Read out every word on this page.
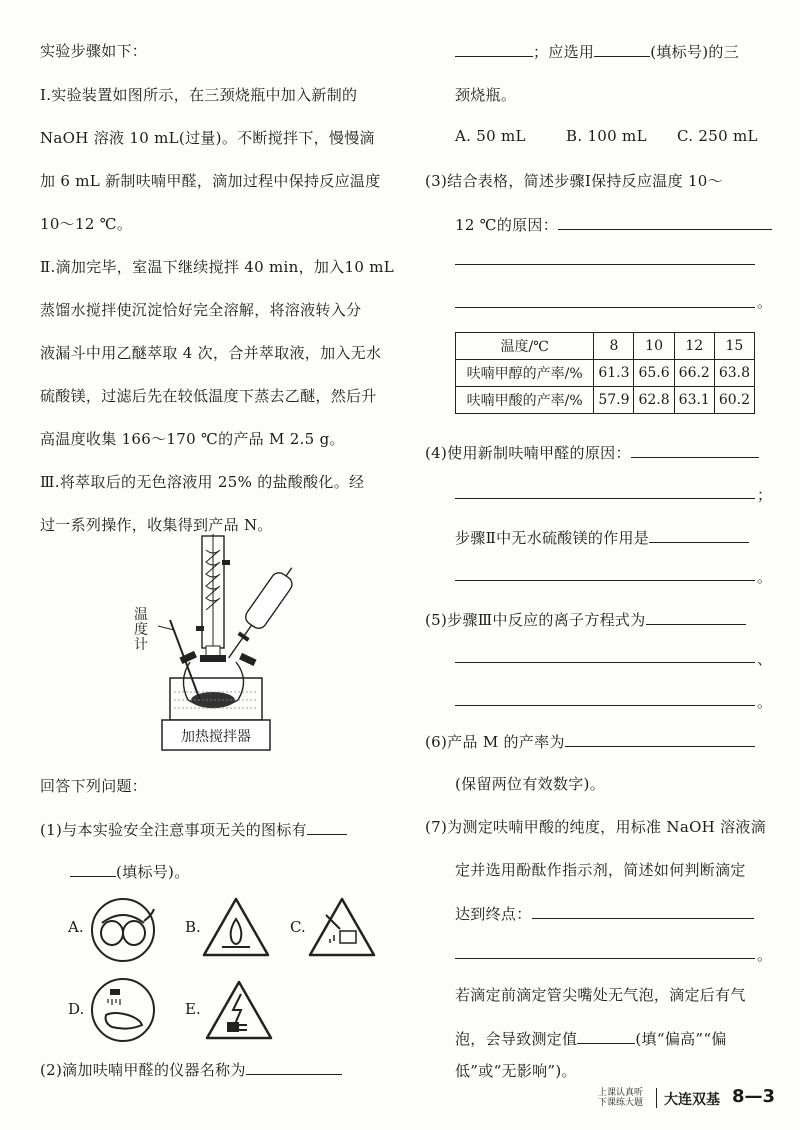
实验步骤如下：
Ⅰ.实验装置如图所示，在三颈烧瓶中加入新制的
NaOH 溶液 10 mL(过量)。不断搅拌下，慢慢滴
加 6 mL 新制呋喃甲醛，滴加过程中保持反应温度
10～12 ℃。
Ⅱ.滴加完毕，室温下继续搅拌 40 min，加入10 mL
蒸馏水搅拌使沉淀恰好完全溶解，将溶液转入分
液漏斗中用乙醚萃取 4 次，合并萃取液，加入无水
硫酸镁，过滤后先在较低温度下蒸去乙醚，然后升
高温度收集 166～170 ℃的产品 M 2.5 g。
Ⅲ.将萃取后的无色溶液用 25% 的盐酸酸化。经
过一系列操作，收集得到产品 N。
温度计
加热搅拌器
回答下列问题：
(1)与本实验安全注意事项无关的图标有
(填标号)。
A.	B.	C.
D.	E.
(2)滴加呋喃甲醛的仪器名称为
；应选用	(填标号)的三
颈烧瓶。
A. 50 mL	B. 100 mL C. 250 mL
(3)结合表格，简述步骤Ⅰ保持反应温度 10～
12 ℃的原因：
。
温度/℃	8	10	12	15
呋喃甲醇的产率/%	61.3	65.6	66.2	63.8
呋喃甲酸的产率/%	57.9	62.8	63.1	60.2
(4)使用新制呋喃甲醛的原因：
；
步骤Ⅱ中无水硫酸镁的作用是
。
(5)步骤Ⅲ中反应的离子方程式为
、
。
(6)产品 M 的产率为
(保留两位有效数字)。
(7)为测定呋喃甲酸的纯度，用标准 NaOH 溶液滴
定并选用酚酞作指示剂，简述如何判断滴定
达到终点：
。
若滴定前滴定管尖嘴处无气泡，滴定后有气
泡，会导致测定值	(填“偏高”“偏
低”或“无影响”)。
上课认真听
下课练大题 大连双基 8—3
